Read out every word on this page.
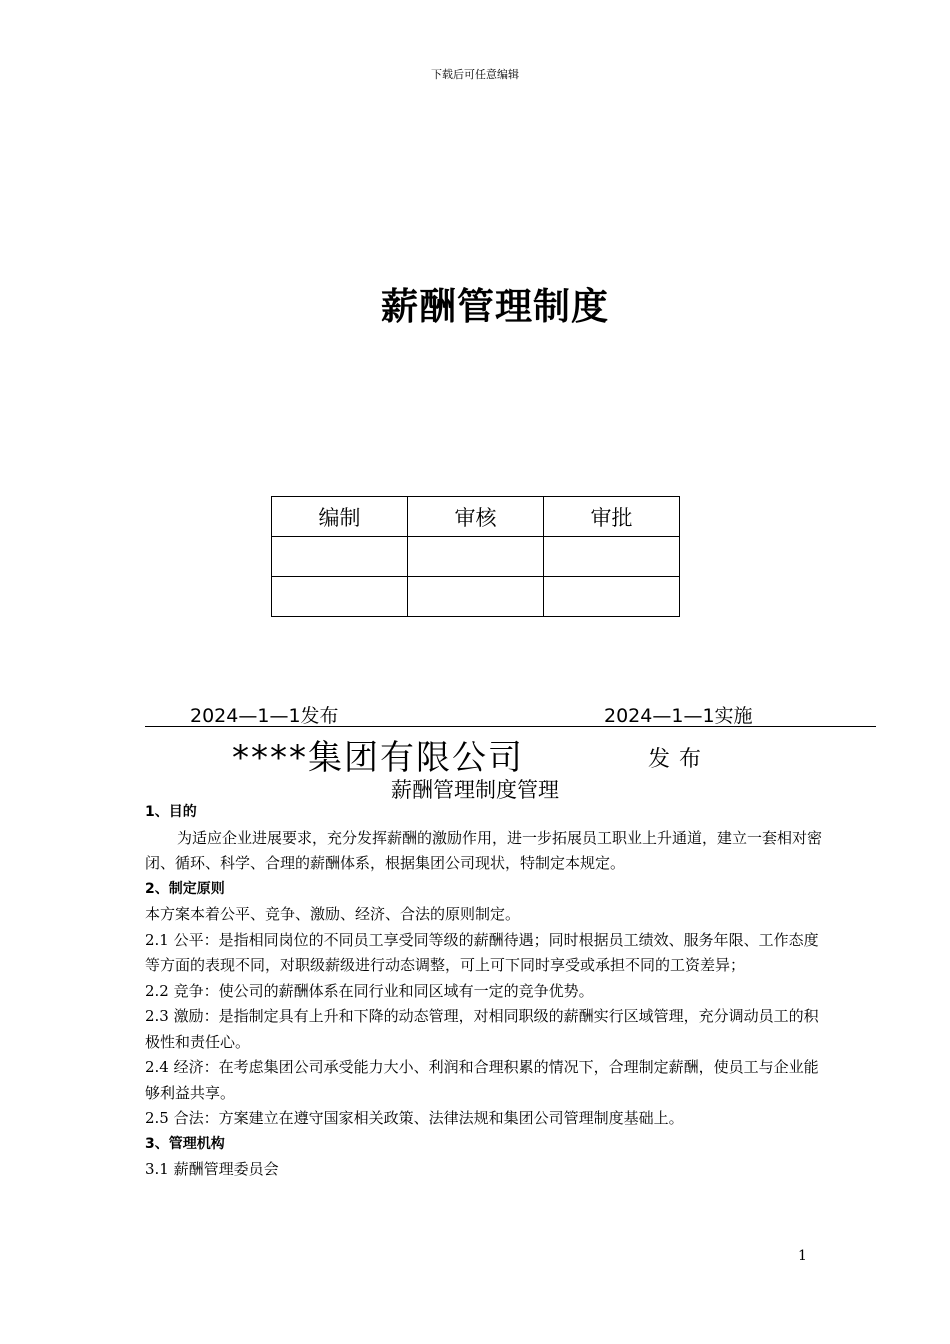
下载后可任意编辑
薪酬管理制度
编制	审核	审批

2024—1—1发布	2024—1—1实施
****集团有限公司	发布
薪酬管理制度管理

1、目的

为适应企业进展要求，充分发挥薪酬的激励作用，进一步拓展员工职业上升通道，建立一套相对密闭、循环、科学、合理的薪酬体系，根据集团公司现状，特制定本规定。

2、制定原则

本方案本着公平、竞争、激励、经济、合法的原则制定。

2.1 公平：是指相同岗位的不同员工享受同等级的薪酬待遇；同时根据员工绩效、服务年限、工作态度等方面的表现不同，对职级薪级进行动态调整，可上可下同时享受或承担不同的工资差异；

2.2 竞争：使公司的薪酬体系在同行业和同区域有一定的竞争优势。

2.3 激励：是指制定具有上升和下降的动态管理，对相同职级的薪酬实行区域管理，充分调动员工的积极性和责任心。

2.4 经济：在考虑集团公司承受能力大小、利润和合理积累的情况下，合理制定薪酬，使员工与企业能够利益共享。

2.5 合法：方案建立在遵守国家相关政策、法律法规和集团公司管理制度基础上。

3、管理机构

3.1 薪酬管理委员会

1
